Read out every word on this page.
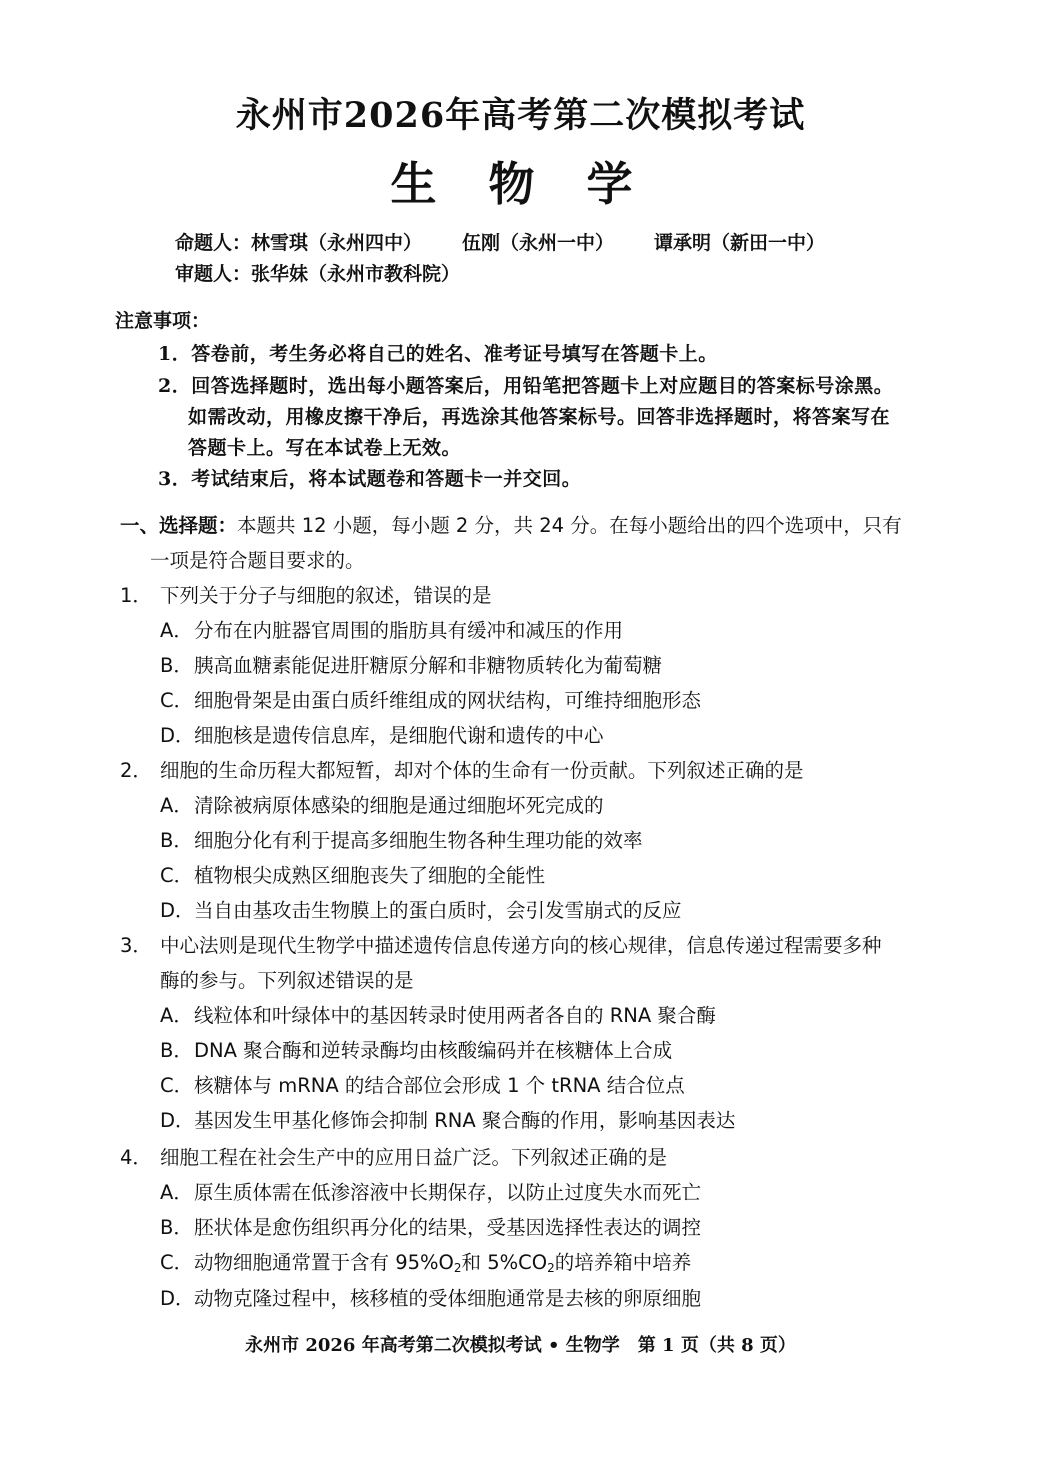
永州市2026年高考第二次模拟考试
生 物 学
命题人：林雪琪（永州四中） 伍刚（永州一中） 谭承明（新田一中）
审题人：张华妹（永州市教科院）
注意事项：
1．答卷前，考生务必将自己的姓名、准考证号填写在答题卡上。
2．回答选择题时，选出每小题答案后，用铅笔把答题卡上对应题目的答案标号涂黑。
如需改动，用橡皮擦干净后，再选涂其他答案标号。回答非选择题时，将答案写在
答题卡上。写在本试卷上无效。
3．考试结束后，将本试题卷和答题卡一并交回。
一、选择题：本题共 12 小题，每小题 2 分，共 24 分。在每小题给出的四个选项中，只有
一项是符合题目要求的。
1． 下列关于分子与细胞的叙述，错误的是
A．分布在内脏器官周围的脂肪具有缓冲和减压的作用
B．胰高血糖素能促进肝糖原分解和非糖物质转化为葡萄糖
C．细胞骨架是由蛋白质纤维组成的网状结构，可维持细胞形态
D．细胞核是遗传信息库，是细胞代谢和遗传的中心
2． 细胞的生命历程大都短暂，却对个体的生命有一份贡献。下列叙述正确的是
A．清除被病原体感染的细胞是通过细胞坏死完成的
B．细胞分化有利于提高多细胞生物各种生理功能的效率
C．植物根尖成熟区细胞丧失了细胞的全能性
D．当自由基攻击生物膜上的蛋白质时，会引发雪崩式的反应
3． 中心法则是现代生物学中描述遗传信息传递方向的核心规律，信息传递过程需要多种
酶的参与。下列叙述错误的是
A．线粒体和叶绿体中的基因转录时使用两者各自的 RNA 聚合酶
B．DNA 聚合酶和逆转录酶均由核酸编码并在核糖体上合成
C．核糖体与 mRNA 的结合部位会形成 1 个 tRNA 结合位点
D．基因发生甲基化修饰会抑制 RNA 聚合酶的作用，影响基因表达
4． 细胞工程在社会生产中的应用日益广泛。下列叙述正确的是
A．原生质体需在低渗溶液中长期保存，以防止过度失水而死亡
B．胚状体是愈伤组织再分化的结果，受基因选择性表达的调控
C．动物细胞通常置于含有 $95\%O_2$和 $5\%CO_2$的培养箱中培养
D．动物克隆过程中，核移植的受体细胞通常是去核的卵原细胞
永州市 2026 年高考第二次模拟考试 • 生物学　第 1 页（共 8 页）
